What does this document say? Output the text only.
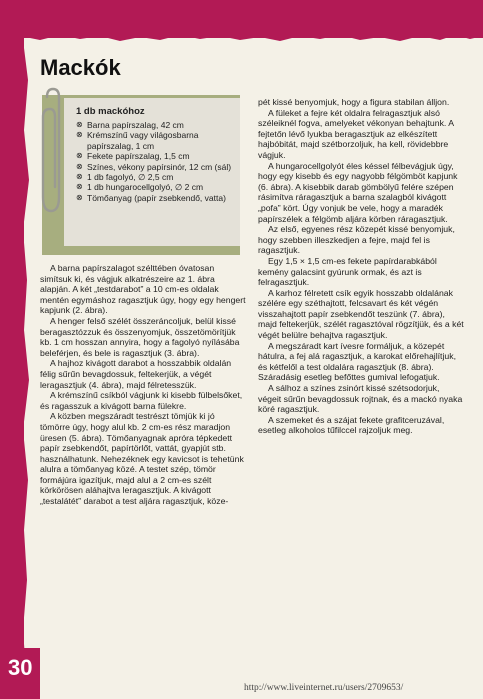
Mackók
1 db mackóhoz
⊗ Barna papírszalag, 42 cm
⊗ Krémszínű vagy világosbarna papírszalag, 1 cm
⊗ Fekete papírszalag, 1,5 cm
⊗ Színes, vékony papírsinór, 12 cm (sál)
⊗ 1 db fagolyó, ∅ 2,5 cm
⊗ 1 db hungarocellgolyó, ∅ 2 cm
⊗ Tömőanyag (papír zsebkendő, vatta)

A barna papírszalagot szélttében óvatosan simítsuk ki, és vágjuk alkatrészeire az 1. ábra alapján. A két „testdarabot” a 10 cm-es oldalak mentén egymáshoz ragasztjuk úgy, hogy egy hengert kapjunk (2. ábra).

A henger felső szélét összeráncoljuk, belül kissé beragasztózzuk és összenyomjuk, összetömörítjük kb. 1 cm hosszan annyira, hogy a fagolyó nyílásába beleférjen, és bele is ragasztjuk (3. ábra).

A hajhoz kivágott darabot a hosszabbik oldalán félig sűrűn bevagdossuk, feltekerjük, a végét leragasztjuk (4. ábra), majd félretesszük.

A krémszínű csíkból vágjunk ki kisebb fülbelsőket, és ragasszuk a kivágott barna fülekre.

A közben megszáradt testrészt tömjük ki jó tömörre úgy, hogy alul kb. 2 cm-es rész maradjon üresen (5. ábra). Tömőanyagnak apróra tépkedett papír zsebkendőt, papírtörlőt, vattát, gyapjút stb. használhatunk. Nehezéknek egy kavicsot is tehetünk alulra a tömőanyag közé. A testet szép, tömör formájúra igazítjuk, majd alul a 2 cm-es szélt körkörösen aláhajtva leragasztjuk. A kivágott „testalátét” darabot a test aljára ragasztjuk, köze-

pét kissé benyomjuk, hogy a figura stabilan álljon.

A füleket a fejre két oldalra felragasztjuk alsó széleiknél fogva, amelyeket vékonyan behajtunk. A fejtetőn lévő lyukba beragasztjuk az elkészített hajbóbitát, majd szétborzoljuk, ha kell, rövidebbre vágjuk.

A hungarocellgolyót éles késsel félbevágjuk úgy, hogy egy kisebb és egy nagyobb félgömböt kapjunk (6. ábra). A kisebbik darab gömbölyű felére szépen rásimítva ráragasztjuk a barna szalagból kivágott „pofa” kört. Úgy vonjuk be vele, hogy a maradék papírszélek a félgömb aljára körben ráragasztjuk.

Az első, egyenes rész közepét kissé benyomjuk, hogy szebben illeszkedjen a fejre, majd fel is ragasztjuk.

Egy 1,5 × 1,5 cm-es fekete papírdarabkából kemény galacsint gyúrunk ormak, és azt is felragasztjuk.

A karhoz félretett csík egyik hosszabb oldalának szélére egy széthajtott, felcsavart és két végén visszahajtott papír zsebkendőt teszünk (7. ábra), majd feltekerjük, szélét ragasztóval rögzítjük, és a két végét belülre behajtva ragasztjuk.

A megszáradt kart ívesre formáljuk, a közepét hátulra, a fej alá ragasztjuk, a karokat előrehajlítjuk, és kétfelől a test oldalára ragasztjuk (8. ábra). Száradásig esetleg befőttes gumival lefogatjuk.

A sálhoz a színes zsinórt kissé szétsodorjuk, végeit sűrűn bevagdossuk rojtnak, és a mackó nyaka köré ragasztjuk.

A szemeket és a szájat fekete grafitceruzával, esetleg alkoholos tűfilccel rajzoljuk meg.

30
http://www.liveinternet.ru/users/2709653/
